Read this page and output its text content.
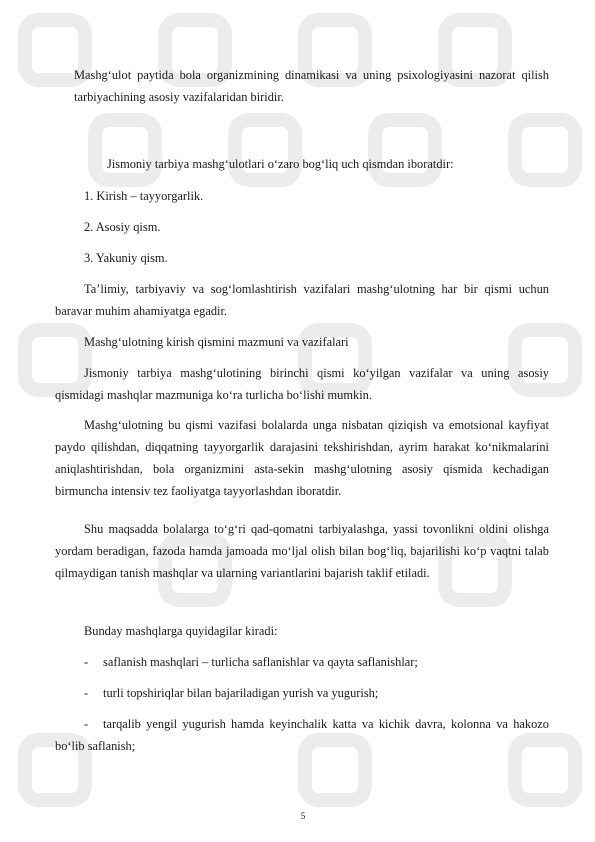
Mashg‘ulot paytida bola organizmining dinamikasi va uning psixologiyasini nazorat qilish tarbiyachining asosiy vazifalaridan biridir.

Jismoniy tarbiya mashg‘ulotlari o‘zaro bog‘liq uch qismdan iboratdir:

1. Kirish – tayyorgarlik.

2. Asosiy qism.

3. Yakuniy qism.

Ta’limiy, tarbiyaviy va sog‘lomlashtirish vazifalari mashg‘ulotning har bir qismi uchun baravar muhim ahamiyatga egadir.

Mashg‘ulotning kirish qismini mazmuni va vazifalari

Jismoniy tarbiya mashg‘ulotining birinchi qismi ko‘yilgan vazifalar va uning asosiy qismidagi mashqlar mazmuniga ko‘ra turlicha bo‘lishi mumkin.

Mashg‘ulotning bu qismi vazifasi bolalarda unga nisbatan qiziqish va emotsional kayfiyat paydo qilishdan, diqqatning tayyorgarlik darajasini tekshirishdan, ayrim harakat ko‘nikmalarini aniqlashtirishdan, bola organizmini asta-sekin mashg‘ulotning asosiy qismida kechadigan birmuncha intensiv tez faoliyatga tayyorlashdan iboratdir.

Shu maqsadda bolalarga to‘g‘ri qad-qomatni tarbiyalashga, yassi tovonlikni oldini olishga yordam beradigan, fazoda hamda jamoada mo‘ljal olish bilan bog‘liq, bajarilishi ko‘p vaqtni talab qilmaydigan tanish mashqlar va ularning variantlarini bajarish taklif etiladi.

Bunday mashqlarga quyidagilar kiradi:

- saflanish mashqlari – turlicha saflanishlar va qayta saflanishlar;

- turli topshiriqlar bilan bajariladigan yurish va yugurish;

- tarqalib yengil yugurish hamda keyinchalik katta va kichik davra, kolonna va hakozo bo‘lib saflanish;

5
